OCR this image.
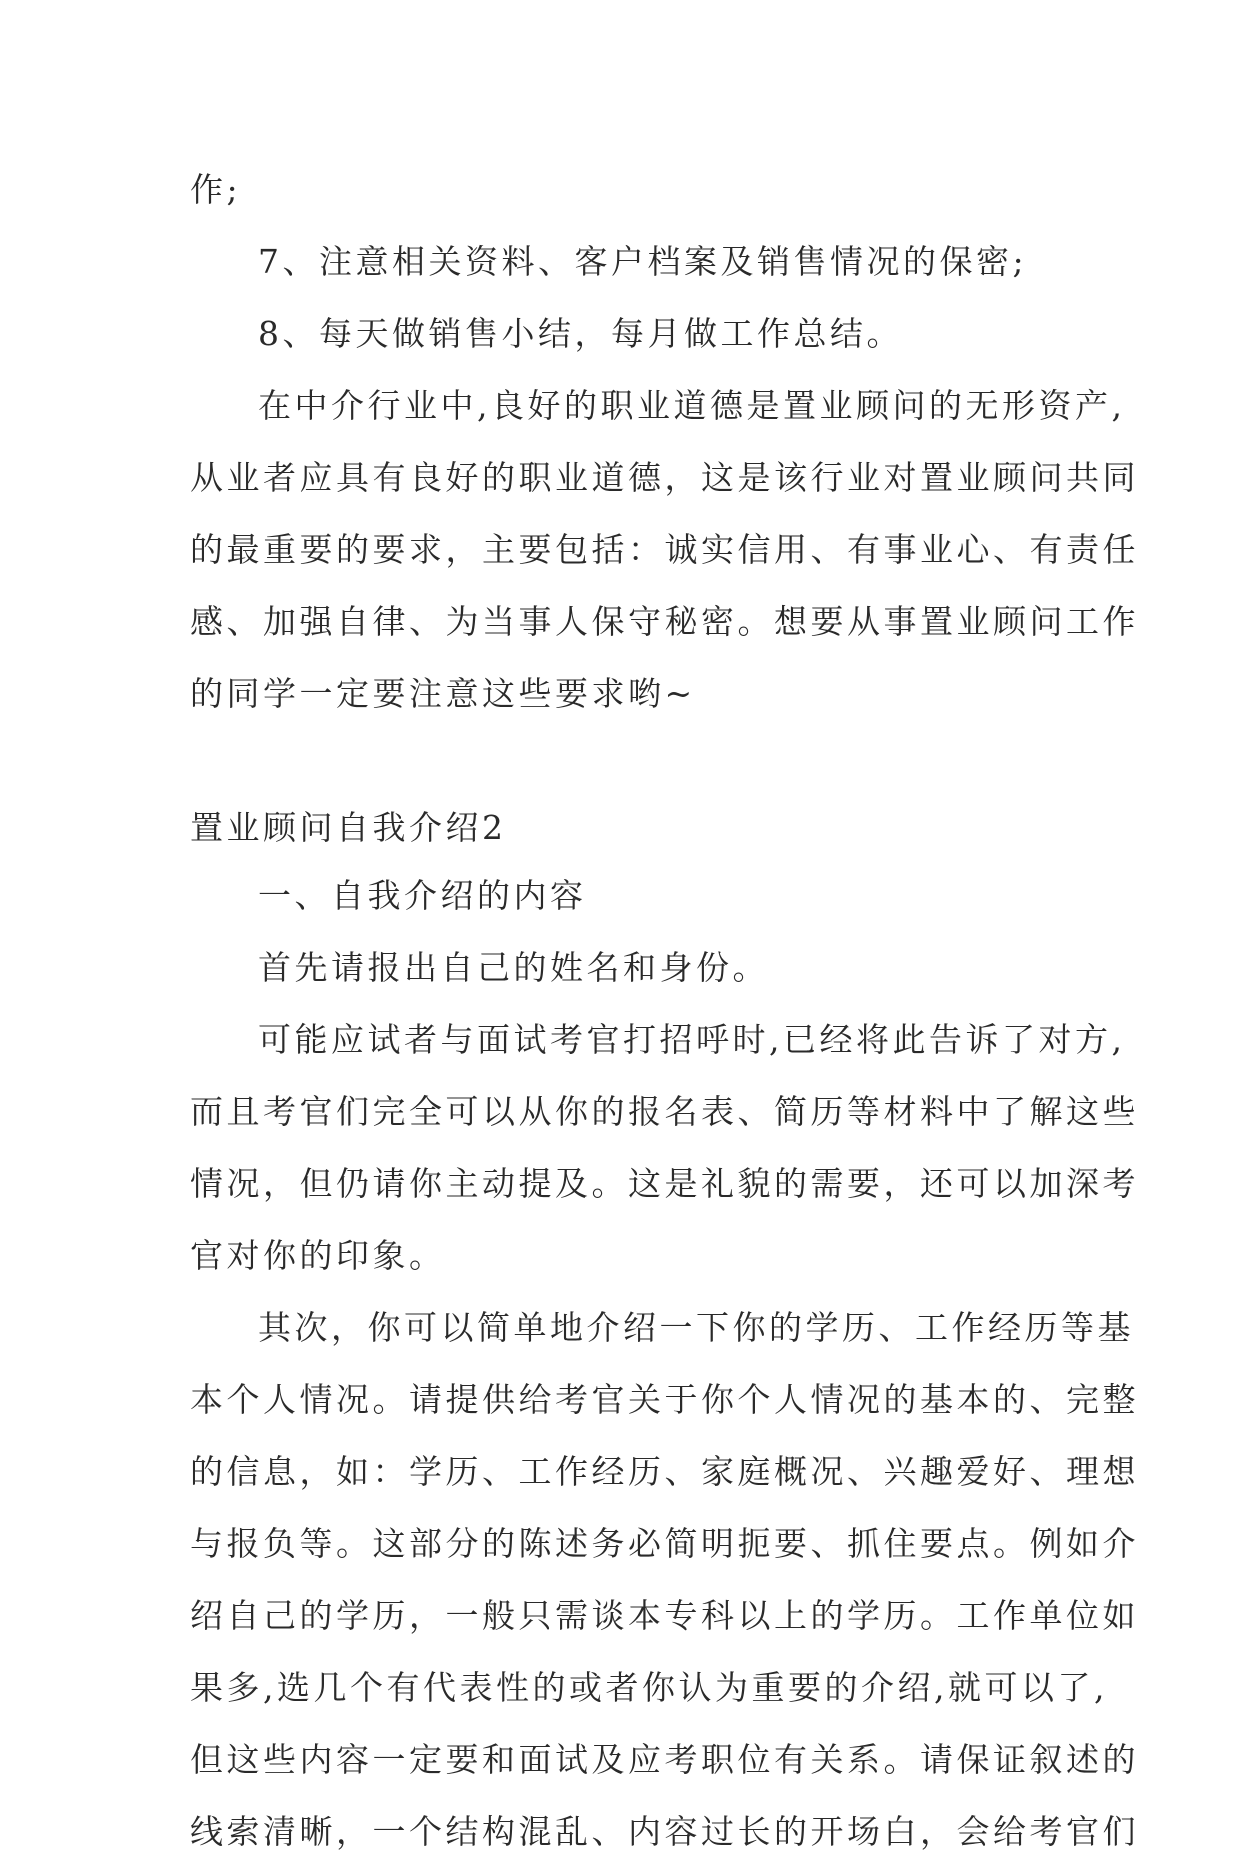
作;
7、注意相关资料、客户档案及销售情况的保密;
8、每天做销售小结，每月做工作总结。
在中介行业中,良好的职业道德是置业顾问的无形资产,
从业者应具有良好的职业道德，这是该行业对置业顾问共同
的最重要的要求，主要包括：诚实信用、有事业心、有责任
感、加强自律、为当事人保守秘密。想要从事置业顾问工作
的同学一定要注意这些要求哟~
置业顾问自我介绍2
一、自我介绍的内容
首先请报出自己的姓名和身份。
可能应试者与面试考官打招呼时,已经将此告诉了对方,
而且考官们完全可以从你的报名表、简历等材料中了解这些
情况，但仍请你主动提及。这是礼貌的需要，还可以加深考
官对你的印象。
其次，你可以简单地介绍一下你的学历、工作经历等基
本个人情况。请提供给考官关于你个人情况的基本的、完整
的信息，如：学历、工作经历、家庭概况、兴趣爱好、理想
与报负等。这部分的陈述务必简明扼要、抓住要点。例如介
绍自己的学历，一般只需谈本专科以上的学历。工作单位如
果多,选几个有代表性的或者你认为重要的介绍,就可以了,
但这些内容一定要和面试及应考职位有关系。请保证叙述的
线索清晰，一个结构混乱、内容过长的开场白，会给考官们
